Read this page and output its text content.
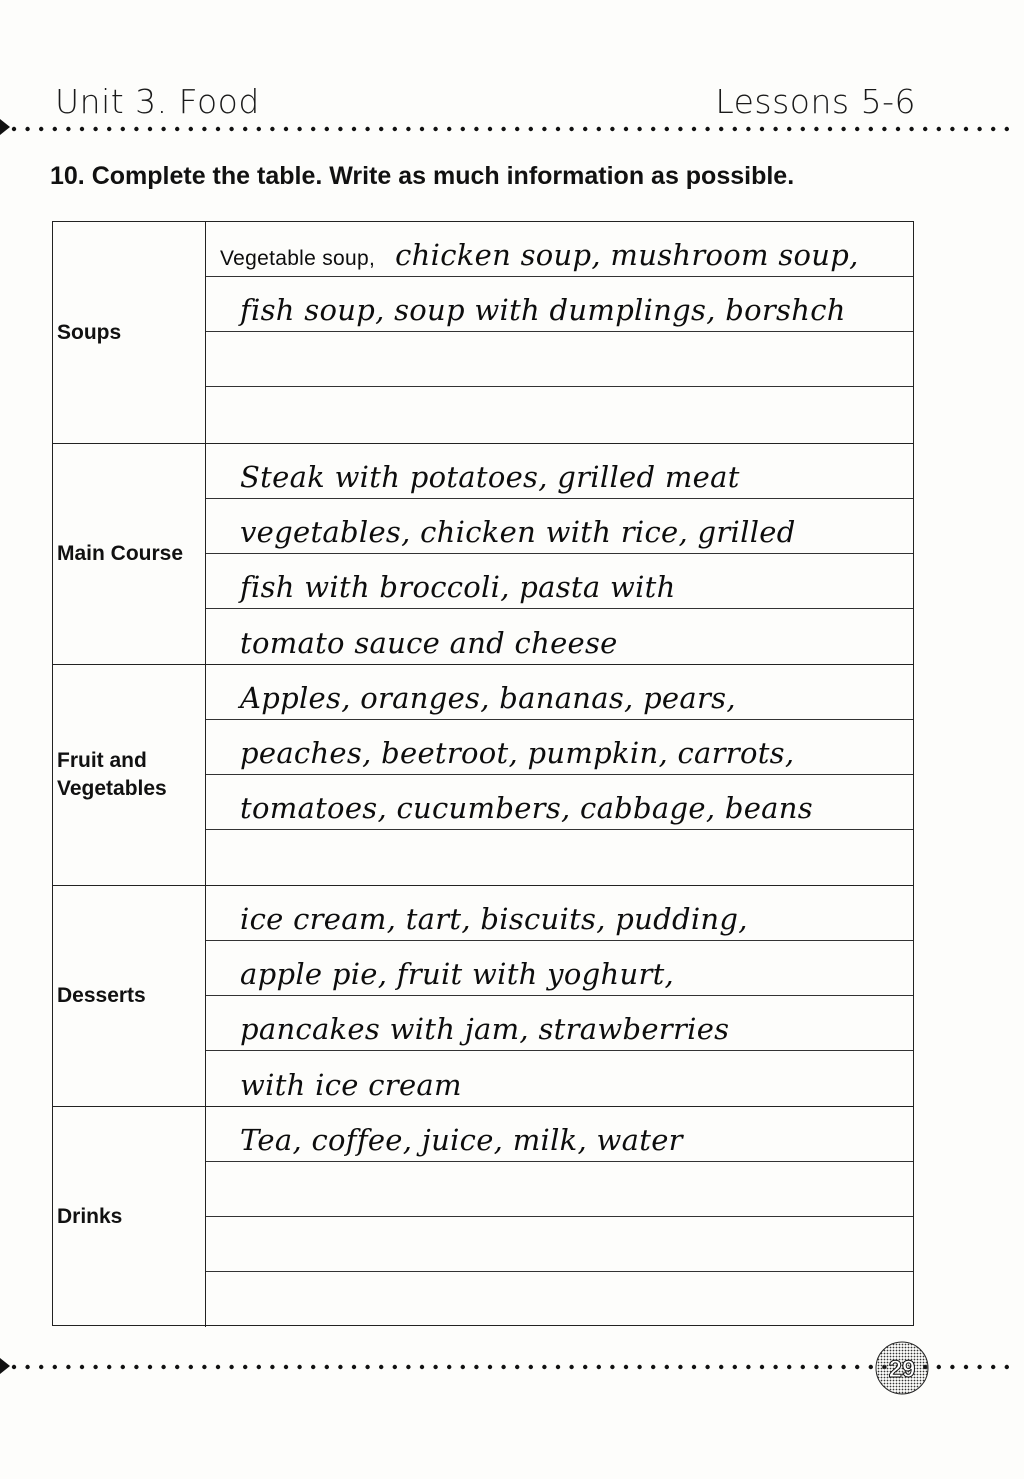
Unit 3. Food	Lessons 5-6
10. Complete the table. Write as much information as possible.
Soups
Vegetable soup, chicken soup, mushroom soup,
fish soup, soup with dumplings, borshch
Main Course
Steak with potatoes, grilled meat
vegetables, chicken with rice, grilled
fish with broccoli, pasta with
tomato sauce and cheese
Fruit and Vegetables
Apples, oranges, bananas, pears,
peaches, beetroot, pumpkin, carrots,
tomatoes, cucumbers, cabbage, beans
Desserts
ice cream, tart, biscuits, pudding,
apple pie, fruit with yoghurt,
pancakes with jam, strawberries
with ice cream
Drinks
Tea, coffee, juice, milk, water
29
